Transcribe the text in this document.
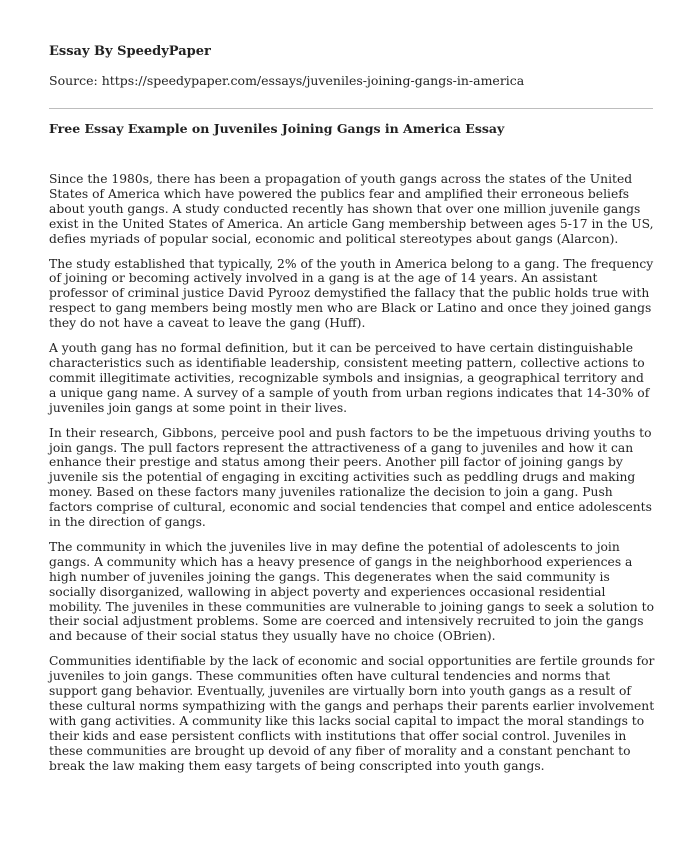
Essay By SpeedyPaper

Source: https://speedypaper.com/essays/juveniles-joining-gangs-in-america

Free Essay Example on Juveniles Joining Gangs in America Essay

Since the 1980s, there has been a propagation of youth gangs across the states of the United States of America which have powered the publics fear and amplified their erroneous beliefs about youth gangs. A study conducted recently has shown that over one million juvenile gangs exist in the United States of America. An article Gang membership between ages 5-17 in the US, defies myriads of popular social, economic and political stereotypes about gangs (Alarcon).

The study established that typically, 2% of the youth in America belong to a gang. The frequency of joining or becoming actively involved in a gang is at the age of 14 years. An assistant professor of criminal justice David Pyrooz demystified the fallacy that the public holds true with respect to gang members being mostly men who are Black or Latino and once they joined gangs they do not have a caveat to leave the gang (Huff).

A youth gang has no formal definition, but it can be perceived to have certain distinguishable characteristics such as identifiable leadership, consistent meeting pattern, collective actions to commit illegitimate activities, recognizable symbols and insignias, a geographical territory and a unique gang name. A survey of a sample of youth from urban regions indicates that 14-30% of juveniles join gangs at some point in their lives.

In their research, Gibbons, perceive pool and push factors to be the impetuous driving youths to join gangs. The pull factors represent the attractiveness of a gang to juveniles and how it can enhance their prestige and status among their peers. Another pill factor of joining gangs by juvenile sis the potential of engaging in exciting activities such as peddling drugs and making money. Based on these factors many juveniles rationalize the decision to join a gang. Push factors comprise of cultural, economic and social tendencies that compel and entice adolescents in the direction of gangs.

The community in which the juveniles live in may define the potential of adolescents to join gangs. A community which has a heavy presence of gangs in the neighborhood experiences a high number of juveniles joining the gangs. This degenerates when the said community is socially disorganized, wallowing in abject poverty and experiences occasional residential mobility. The juveniles in these communities are vulnerable to joining gangs to seek a solution to their social adjustment problems. Some are coerced and intensively recruited to join the gangs and because of their social status they usually have no choice (OBrien).

Communities identifiable by the lack of economic and social opportunities are fertile grounds for juveniles to join gangs. These communities often have cultural tendencies and norms that support gang behavior. Eventually, juveniles are virtually born into youth gangs as a result of these cultural norms sympathizing with the gangs and perhaps their parents earlier involvement with gang activities. A community like this lacks social capital to impact the moral standings to their kids and ease persistent conflicts with institutions that offer social control. Juveniles in these communities are brought up devoid of any fiber of morality and a constant penchant to break the law making them easy targets of being conscripted into youth gangs.
